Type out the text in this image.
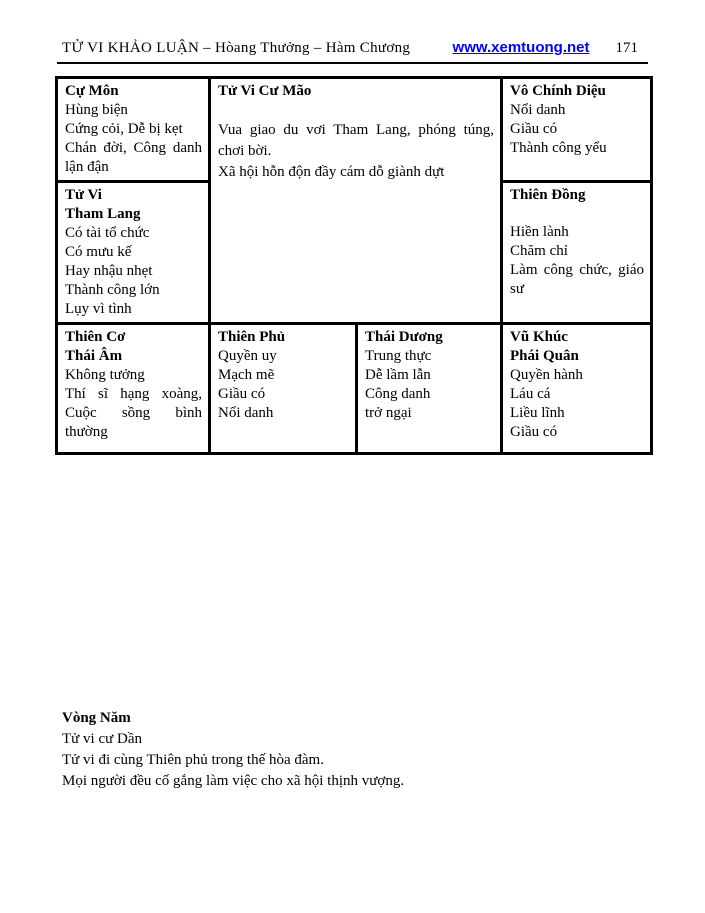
TỬ VI KHẢO LUẬN – Hòang Thưởng – Hàm Chương	www.xemtuong.net 171
Cự Môn
Hùng biện
Cứng cỏi, Dễ bị kẹt
Chán đời, Công danh lận đận

Tử Vi Cư Mão
Vua giao du vơi Tham Lang, phóng túng, chơi bời.
Xã hội hỗn độn đầy cám dỗ giành dựt

Vô Chính Diệu
Nổi danh
Giầu có
Thành công yểu

Tử Vi
Tham Lang
Có tài tổ chức
Có mưu kế
Hay nhậu nhẹt
Thành công lớn
Lụy vì tình

Thiên Đồng
Hiền lành
Chăm chỉ
Làm công chức, giáo sư

Thiên Cơ
Thái Âm
Không tưởng
Thí sĩ hạng xoàng, Cuộc sồng bình thường

Thiên Phủ
Quyền uy
Mạch mẽ
Giầu có
Nổi danh

Thái Dương
Trung thực
Dễ lầm lẫn
Công danh
trở ngại

Vũ Khúc
Phái Quân
Quyền hành
Láu cá
Liều lĩnh
Giầu có
Vòng Năm
Tử vi cư Dần
Tử vi đi cùng Thiên phủ trong thế hòa đàm.
Mọi người đều cố gắng làm việc cho xã hội thịnh vượng.
